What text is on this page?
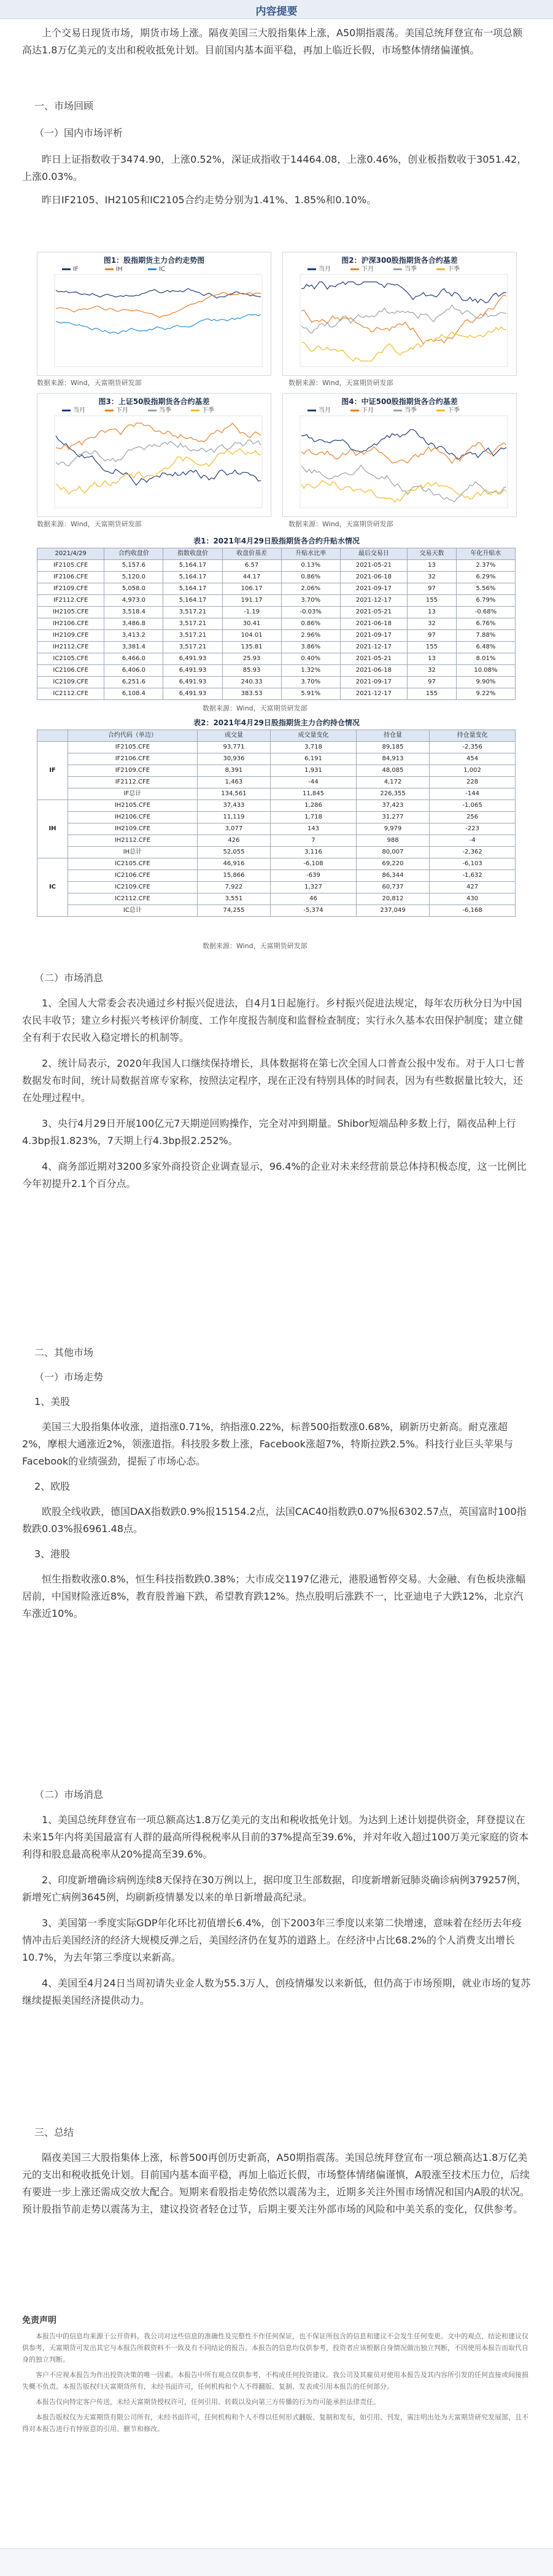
内容提要

上个交易日现货市场，期货市场上涨。隔夜美国三大股指集体上涨，A50期指震荡。美国总统拜登宣布一项总额高达1.8万亿美元的支出和税收抵免计划。目前国内基本面平稳，再加上临近长假，市场整体情绪偏谨慎。

一、市场回顾
（一）国内市场评析

昨日上证指数收于3474.90，上涨0.52%，深证成指收于14464.08，上涨0.46%，创业板指数收于3051.42，上涨0.03%。

昨日IF2105、IH2105和IC2105合约走势分别为1.41%、1.85%和0.10%。

图1：股指期货主力合约走势图
IF	IH	IC
数据来源：Wind，天富期货研发部
图2：沪深300股指期货各合约基差
当月	下月	当季	下季
数据来源：Wind，天富期货研发部
图3：上证50股指期货各合约基差
当月	下月	当季	下季
数据来源：Wind，天富期货研发部
图4：中证500股指期货各合约基差
当月	下月	当季	下季
数据来源：Wind，天富期货研发部
表1：2021年4月29日股指期货各合约升贴水情况
2021/4/29	合约收盘价	指数收盘价	收盘价基差	升贴水比率	最后交易日	交易天数	年化升贴水
IF2105.CFE	5,157.6	5,164.17	6.57	0.13%	2021-05-21	13	2.37%
IF2106.CFE	5,120.0	5,164.17	44.17	0.86%	2021-06-18	32	6.29%
IF2109.CFE	5,058.0	5,164.17	106.17	2.06%	2021-09-17	97	5.56%
IF2112.CFE	4,973.0	5,164.17	191.17	3.70%	2021-12-17	155	6.79%
IH2105.CFE	3,518.4	3,517.21	-1.19	-0.03%	2021-05-21	13	-0.68%
IH2106.CFE	3,486.8	3,517.21	30.41	0.86%	2021-06-18	32	6.76%
IH2109.CFE	3,413.2	3,517.21	104.01	2.96%	2021-09-17	97	7.88%
IH2112.CFE	3,381.4	3,517.21	135.81	3.86%	2021-12-17	155	6.48%
IC2105.CFE	6,466.0	6,491.93	25.93	0.40%	2021-05-21	13	8.01%
IC2106.CFE	6,406.0	6,491.93	85.93	1.32%	2021-06-18	32	10.08%
IC2109.CFE	6,251.6	6,491.93	240.33	3.70%	2021-09-17	97	9.90%
IC2112.CFE	6,108.4	6,491.93	383.53	5.91%	2021-12-17	155	9.22%
数据来源：Wind，天富期货研发部
表2：2021年4月29日股指期货主力合约持仓情况
	合约代码（单边）	成交量	成交量变化	持仓量	持仓量变化
IF	IF2105.CFE	93,771	3,718	89,185	-2,356
	IF2106.CFE	30,936	6,191	84,913	454
	IF2109.CFE	8,391	1,931	48,085	1,002
	IF2112.CFE	1,463	-44	4,172	228
	IF总计	134,561	11,845	226,355	-144
IH	IH2105.CFE	37,433	1,286	37,423	-1,065
	IH2106.CFE	11,119	1,718	31,277	256
	IH2109.CFE	3,077	143	9,979	-223
	IH2112.CFE	426	7	988	-4
	IH总计	52,055	3,116	80,007	-2,362
IC	IC2105.CFE	46,916	-6,108	69,220	-6,103
	IC2106.CFE	15,866	-639	86,344	-1,632
	IC2109.CFE	7,922	1,327	60,737	427
	IC2112.CFE	3,551	46	20,812	430
	IC总计	74,255	-5,374	237,049	-6,168
数据来源：Wind，天富期货研发部
（二）市场消息

1、全国人大常委会表决通过乡村振兴促进法，自4月1日起施行。乡村振兴促进法规定，每年农历秋分日为中国农民丰收节；建立乡村振兴考核评价制度、工作年度报告制度和监督检查制度；实行永久基本农田保护制度；建立健全有利于农民收入稳定增长的机制等。

2、统计局表示，2020年我国人口继续保持增长，具体数据将在第七次全国人口普查公报中发布。对于人口七普数据发布时间，统计局数据首席专家称，按照法定程序，现在正没有特别具体的时间表，因为有些数据量比较大，还在处理过程中。

3、央行4月29日开展100亿元7天期逆回购操作，完全对冲到期量。Shibor短端品种多数上行，隔夜品种上行4.3bp报1.823%，7天期上行4.3bp报2.252%。

4、商务部近期对3200多家外商投资企业调查显示，96.4%的企业对未来经营前景总体持积极态度，这一比例比今年初提升2.1个百分点。

二、其他市场
（一）市场走势
1、美股

美国三大股指集体收涨，道指涨0.71%，纳指涨0.22%，标普500指数涨0.68%，刷新历史新高。耐克涨超2%，摩根大通涨近2%，领涨道指。科技股多数上涨，Facebook涨超7%，特斯拉跌2.5%。科技行业巨头苹果与Facebook的业绩强劲，提振了市场心态。

2、欧股

欧股全线收跌，德国DAX指数跌0.9%报15154.2点，法国CAC40指数跌0.07%报6302.57点，英国富时100指数跌0.03%报6961.48点。

3、港股

恒生指数收涨0.8%，恒生科技指数跌0.38%；大市成交1197亿港元，港股通暂停交易。大金融、有色板块涨幅居前，中国财险涨近8%，教育股普遍下跌，希望教育跌12%。热点股明后涨跌不一，比亚迪电子大跌12%，北京汽车涨近10%。

（二）市场消息

1、美国总统拜登宣布一项总额高达1.8万亿美元的支出和税收抵免计划。为达到上述计划提供资金，拜登提议在未来15年内将美国最富有人群的最高所得税税率从目前的37%提高至39.6%，并对年收入超过100万美元家庭的资本利得和股息最高税率从20%提高至39.6%。

2、印度新增确诊病例连续8天保持在30万例以上，据印度卫生部数据，印度新增新冠肺炎确诊病例379257例，新增死亡病例3645例，均刷新疫情暴发以来的单日新增最高纪录。

3、美国第一季度实际GDP年化环比初值增长6.4%，创下2003年三季度以来第二快增速，意味着在经历去年疫情冲击后美国经济的经济大规模反弹之后，美国经济仍在复苏的道路上。在经济中占比68.2%的个人消费支出增长10.7%，为去年第三季度以来新高。

4、美国至4月24日当周初请失业金人数为55.3万人，创疫情爆发以来新低，但仍高于市场预期，就业市场的复苏继续提振美国经济提供动力。

三、总结

隔夜美国三大股指集体上涨，标普500再创历史新高，A50期指震荡。美国总统拜登宣布一项总额高达1.8万亿美元的支出和税收抵免计划。目前国内基本面平稳，再加上临近长假，市场整体情绪偏谨慎，A股涨至技术压力位，后续有要进一步上涨还需成交放大配合。短期来看股指走势依然以震荡为主，近期多关注外围市场情况和国内A股的状况。预计股指节前走势以震荡为主，建议投资者轻仓过节，后期主要关注外部市场的风险和中美关系的变化，仅供参考。

免责声明
本报告中的信息均来源于公开资料，我公司对这些信息的准确性及完整性不作任何保证，也不保证所包含的信息和建议不会发生任何变更。文中的观点、结论和建议仅供参考，天富期货可发出其它与本报告所载资料不一致及有不同结论的报告。本报告的信息均仅供参考，投资者应该根据自身情况做出独立判断，不因使用本报告而取代自身的独立判断。
客户不应视本报告为作出投资决策的唯一因素。本报告中所有观点仅供参考，不构成任何投资建议。我公司及其雇员对使用本报告及其内容所引发的任何直接或间接损失概不负责。本报告版权归天富期货所有，未经书面许可，任何机构和个人不得翻版、复制、发表或引用本报告的任何部分。
本报告仅向特定客户传送，未经天富期货授权许可，任何引用、转载以及向第三方传播的行为均可能承担法律责任。
本报告版权仅为天富期货有限公司所有，未经书面许可，任何机构和个人不得以任何形式翻版、复制和发布，如引用、刊发，需注明出处为天富期货研究发展部，且不得对本报告进行有悖原意的引用、删节和修改。
